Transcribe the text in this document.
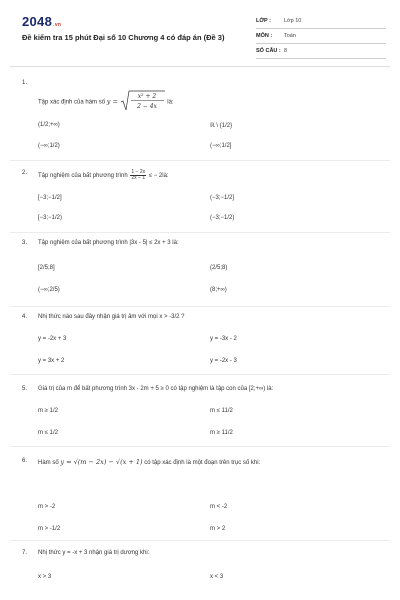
2048.vn
Đề kiểm tra 15 phút Đại số 10 Chương 4 có đáp án (Đề 3)
LỚP :	Lớp 10
MÔN :	Toán
SỐ CÂU : 8
1.
Tập xác định của hàm số y =
x² + 2
2 − 4x
là:
(1/2;+∞)	ℝ \ {1/2}
(−∞;1/2)	(−∞;1/2]
2.
Tập nghiệm của bất phương trình $\frac{1 - 2x}{2x - 1}$ ≤ − 2là:
[−3;−1/2]	(−3;−1/2]
[−3;−1/2)	(−3;−1/2)
3. Tập nghiệm của bất phương trình |3x - 5| ≤ 2x + 3 là:
[2/5;8]	(2/5;8)
(−∞;2/5)	(8;+∞)
4. Nhị thức nào sau đây nhận giá trị âm với mọi x > -3/2 ?
y = -2x + 3	y = -3x - 2
y = 3x + 2	y = -2x - 3
5. Giá trị của m để bất phương trình 3x - 2m + 5 ≥ 0 có tập nghiệm là tập con của [2;+∞) là:
m ≥ 1/2	m ≤ 11/2
m ≤ 1/2	m ≥ 11/2
6. Hàm số y = √(m − 2x) − √(x + 1) có tập xác định là một đoạn trên trục số khi:
m > -2	m < -2
m > -1/2	m > 2
7. Nhị thức y = -x + 3 nhận giá trị dương khi:
x > 3	x < 3
